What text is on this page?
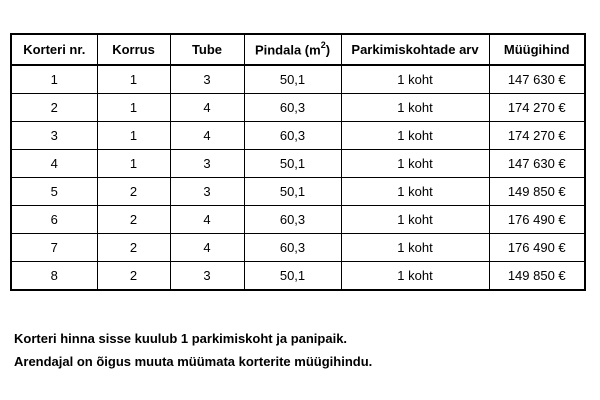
Korteri nr.	Korrus	Tube	Pindala $(m^2)$	Parkimiskohtade arv	Müügihind
1	1	3	50,1	1 koht	147 630 €
2	1	4	60,3	1 koht	174 270 €
3	1	4	60,3	1 koht	174 270 €
4	1	3	50,1	1 koht	147 630 €
5	2	3	50,1	1 koht	149 850 €
6	2	4	60,3	1 koht	176 490 €
7	2	4	60,3	1 koht	176 490 €
8	2	3	50,1	1 koht	149 850 €

Korteri hinna sisse kuulub 1 parkimiskoht ja panipaik.

Arendajal on õigus muuta müümata korterite müügihindu.
